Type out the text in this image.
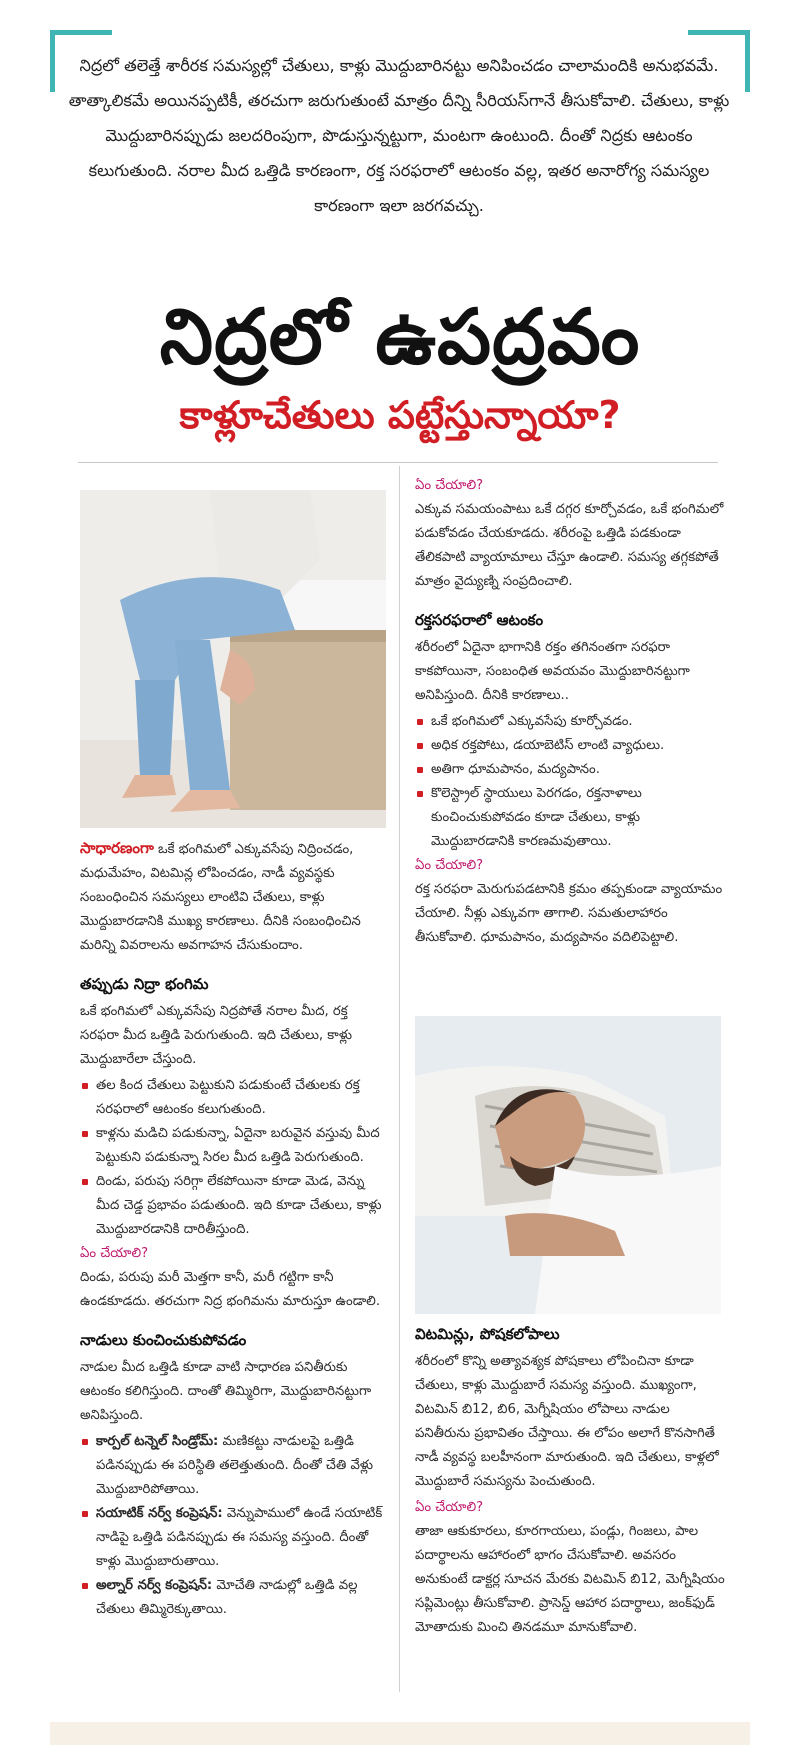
నిద్రలో తలెత్తే శారీరక సమస్యల్లో చేతులు, కాళ్లు మొద్దుబారినట్టు అనిపించడం చాలామందికి అనుభవమే. తాత్కాలికమే అయినప్పటికీ, తరచుగా జరుగుతుంటే మాత్రం దీన్ని సీరియస్‌గానే తీసుకోవాలి. చేతులు, కాళ్లు మొద్దుబారినప్పుడు జలదరింపుగా, పొడుస్తున్నట్టుగా, మంటగా ఉంటుంది. దీంతో నిద్రకు ఆటంకం కలుగుతుంది. నరాల మీద ఒత్తిడి కారణంగా, రక్త సరఫరాలో ఆటంకం వల్ల, ఇతర అనారోగ్య సమస్యల కారణంగా ఇలా జరగవచ్చు.
నిద్రలో ఉపద్రవం
కాళ్లూచేతులు పట్టేస్తున్నాయా?

సాధారణంగా ఒకే భంగిమలో ఎక్కువసేపు నిద్రించడం, మధుమేహం, విటమిన్ల లోపించడం, నాడీ వ్యవస్థకు సంబంధించిన సమస్యలు లాంటివి చేతులు, కాళ్లు మొద్దుబారడానికి ముఖ్య కారణాలు. దీనికి సంబంధించిన మరిన్ని వివరాలను అవగాహన చేసుకుందాం.

తప్పుడు నిద్రా భంగిమ

ఒకే భంగిమలో ఎక్కువసేపు నిద్రపోతే నరాల మీద, రక్త సరఫరా మీద ఒత్తిడి పెరుగుతుంది. ఇది చేతులు, కాళ్లు మొద్దుబారేలా చేస్తుంది.

తల కింద చేతులు పెట్టుకుని పడుకుంటే చేతులకు రక్త సరఫరాలో ఆటంకం కలుగుతుంది.
కాళ్లను మడిచి పడుకున్నా, ఏదైనా బరువైన వస్తువు మీద పెట్టుకుని పడుకున్నా సిరల మీద ఒత్తిడి పెరుగుతుంది.
దిండు, పరుపు సరిగ్గా లేకపోయినా కూడా మెడ, వెన్ను మీద చెడ్డ ప్రభావం పడుతుంది. ఇది కూడా చేతులు, కాళ్లు మొద్దుబారడానికి దారితీస్తుంది.
ఏం చేయాలి?

దిండు, పరుపు మరీ మెత్తగా కానీ, మరీ గట్టిగా కానీ ఉండకూడదు. తరచుగా నిద్ర భంగిమను మారుస్తూ ఉండాలి.

నాడులు కుంచించుకుపోవడం

నాడుల మీద ఒత్తిడి కూడా వాటి సాధారణ పనితీరుకు ఆటంకం కలిగిస్తుంది. దాంతో తిమ్మిరిగా, మొద్దుబారినట్టుగా అనిపిస్తుంది.

కార్పల్ టన్నెల్ సిండ్రోమ్: మణికట్టు నాడులపై ఒత్తిడి పడినప్పుడు ఈ పరిస్థితి తలెత్తుతుంది. దీంతో చేతి వేళ్లు మొద్దుబారిపోతాయి.
సయాటిక్ నర్వ్ కంప్రెషన్: వెన్నుపాములో ఉండే సయాటిక్ నాడిపై ఒత్తిడి పడినప్పుడు ఈ సమస్య వస్తుంది. దీంతో కాళ్లు మొద్దుబారుతాయి.
అల్నార్ నర్వ్ కంప్రెషన్: మోచేతి నాడుల్లో ఒత్తిడి వల్ల చేతులు తిమ్మిరెక్కుతాయి.
ఏం చేయాలి?

ఎక్కువ సమయంపాటు ఒకే దగ్గర కూర్చోవడం, ఒకే భంగిమలో పడుకోవడం చేయకూడదు. శరీరంపై ఒత్తిడి పడకుండా తేలికపాటి వ్యాయామాలు చేస్తూ ఉండాలి. సమస్య తగ్గకపోతే మాత్రం వైద్యుణ్ని సంప్రదించాలి.

రక్తసరఫరాలో ఆటంకం

శరీరంలో ఏదైనా భాగానికి రక్తం తగినంతగా సరఫరా కాకపోయినా, సంబంధిత అవయవం మొద్దుబారినట్టుగా అనిపిస్తుంది. దీనికి కారణాలు..

ఒకే భంగిమలో ఎక్కువసేపు కూర్చోవడం.
అధిక రక్తపోటు, డయాబెటిస్ లాంటి వ్యాధులు.
అతిగా ధూమపానం, మద్యపానం.
కొలెస్ట్రాల్ స్థాయులు పెరగడం, రక్తనాళాలు కుంచించుకుపోవడం కూడా చేతులు, కాళ్లు మొద్దుబారడానికి కారణమవుతాయి.
ఏం చేయాలి?

రక్త సరఫరా మెరుగుపడటానికి క్రమం తప్పకుండా వ్యాయామం చేయాలి. నీళ్లు ఎక్కువగా తాగాలి. సమతులాహారం తీసుకోవాలి. ధూమపానం, మద్యపానం వదిలిపెట్టాలి.

విటమిన్లు, పోషకలోపాలు

శరీరంలో కొన్ని అత్యావశ్యక పోషకాలు లోపించినా కూడా చేతులు, కాళ్లు మొద్దుబారే సమస్య వస్తుంది. ముఖ్యంగా, విటమిన్ బి12, బి6, మెగ్నీషియం లోపాలు నాడుల పనితీరును ప్రభావితం చేస్తాయి. ఈ లోపం అలాగే కొనసాగితే నాడీ వ్యవస్థ బలహీనంగా మారుతుంది. ఇది చేతులు, కాళ్లలో మొద్దుబారే సమస్యను పెంచుతుంది.

ఏం చేయాలి?

తాజా ఆకుకూరలు, కూరగాయలు, పండ్లు, గింజలు, పాల పదార్థాలను ఆహారంలో భాగం చేసుకోవాలి. అవసరం అనుకుంటే డాక్టర్ల సూచన మేరకు విటమిన్ బి12, మెగ్నీషియం సప్లిమెంట్లు తీసుకోవాలి. ప్రాసెస్డ్ ఆహార పదార్థాలు, జంక్‌ఫుడ్ మోతాదుకు మించి తినడమూ మానుకోవాలి.
